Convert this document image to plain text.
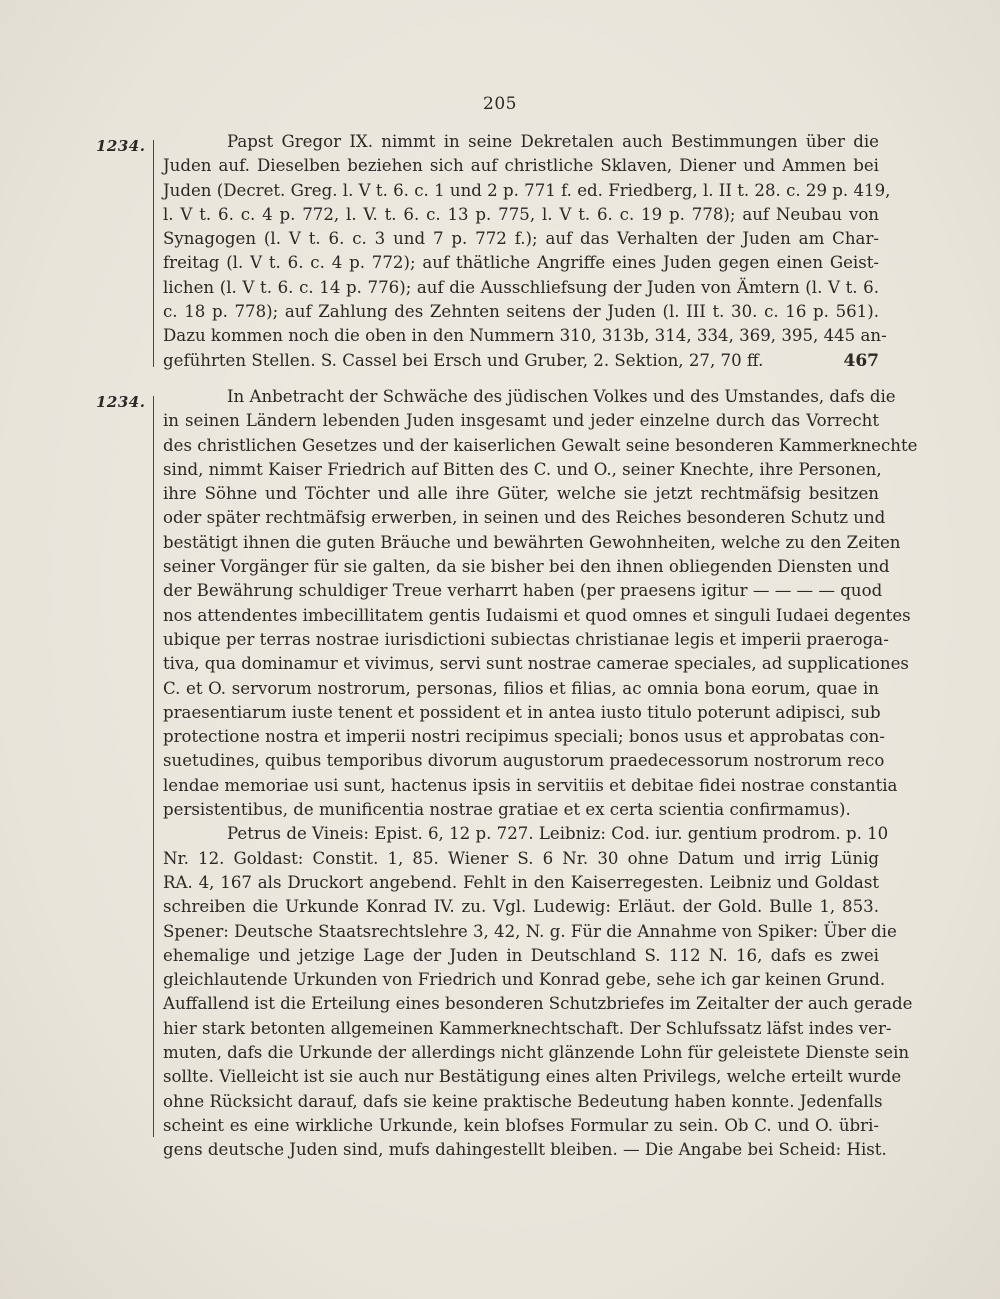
205
1234.	Papst Gregor IX. nimmt in seine Dekretalen auch Bestimmungen über die
Juden auf. Dieselben beziehen sich auf christliche Sklaven, Diener und Ammen bei
Juden (Decret. Greg. l. V t. 6. c. 1 und 2 p. 771 f. ed. Friedberg, l. II t. 28. c. 29 p. 419,
l. V t. 6. c. 4 p. 772, l. V. t. 6. c. 13 p. 775, l. V t. 6. c. 19 p. 778); auf Neubau von
Synagogen (l. V t. 6. c. 3 und 7 p. 772 f.); auf das Verhalten der Juden am Char-
freitag (l. V t. 6. c. 4 p. 772); auf thätliche Angriffe eines Juden gegen einen Geist-
lichen (l. V t. 6. c. 14 p. 776); auf die Ausschliefsung der Juden von Ämtern (l. V t. 6.
c. 18 p. 778); auf Zahlung des Zehnten seitens der Juden (l. III t. 30. c. 16 p. 561).
Dazu kommen noch die oben in den Nummern 310, 313b, 314, 334, 369, 395, 445 an-
geführten Stellen. S. Cassel bei Ersch und Gruber, 2. Sektion, 27, 70 ff.	467
1234.	In Anbetracht der Schwäche des jüdischen Volkes und des Umstandes, dafs die
in seinen Ländern lebenden Juden insgesamt und jeder einzelne durch das Vorrecht
des christlichen Gesetzes und der kaiserlichen Gewalt seine besonderen Kammerknechte
sind, nimmt Kaiser Friedrich auf Bitten des C. und O., seiner Knechte, ihre Personen,
ihre Söhne und Töchter und alle ihre Güter, welche sie jetzt rechtmäfsig besitzen
oder später rechtmäfsig erwerben, in seinen und des Reiches besonderen Schutz und
bestätigt ihnen die guten Bräuche und bewährten Gewohnheiten, welche zu den Zeiten
seiner Vorgänger für sie galten, da sie bisher bei den ihnen obliegenden Diensten und
der Bewährung schuldiger Treue verharrt haben (per praesens igitur — — — — quod
nos attendentes imbecillitatem gentis Iudaismi et quod omnes et singuli Iudaei degentes
ubique per terras nostrae iurisdictioni subiectas christianae legis et imperii praeroga-
tiva, qua dominamur et vivimus, servi sunt nostrae camerae speciales, ad supplicationes
C. et O. servorum nostrorum, personas, filios et filias, ac omnia bona eorum, quae in
praesentiarum iuste tenent et possident et in antea iusto titulo poterunt adipisci, sub
protectione nostra et imperii nostri recipimus speciali; bonos usus et approbatas con-
suetudines, quibus temporibus divorum augustorum praedecessorum nostrorum reco
lendae memoriae usi sunt, hactenus ipsis in servitiis et debitae fidei nostrae constantia
persistentibus, de munificentia nostrae gratiae et ex certa scientia confirmamus).
Petrus de Vineis: Epist. 6, 12 p. 727. Leibniz: Cod. iur. gentium prodrom. p. 10
Nr. 12. Goldast: Constit. 1, 85. Wiener S. 6 Nr. 30 ohne Datum und irrig Lünig
RA. 4, 167 als Druckort angebend. Fehlt in den Kaiserregesten. Leibniz und Goldast
schreiben die Urkunde Konrad IV. zu. Vgl. Ludewig: Erläut. der Gold. Bulle 1, 853.
Spener: Deutsche Staatsrechtslehre 3, 42, N. g. Für die Annahme von Spiker: Über die
ehemalige und jetzige Lage der Juden in Deutschland S. 112 N. 16, dafs es zwei
gleichlautende Urkunden von Friedrich und Konrad gebe, sehe ich gar keinen Grund.
Auffallend ist die Erteilung eines besonderen Schutzbriefes im Zeitalter der auch gerade
hier stark betonten allgemeinen Kammerknechtschaft. Der Schlufssatz läfst indes ver-
muten, dafs die Urkunde der allerdings nicht glänzende Lohn für geleistete Dienste sein
sollte. Vielleicht ist sie auch nur Bestätigung eines alten Privilegs, welche erteilt wurde
ohne Rücksicht darauf, dafs sie keine praktische Bedeutung haben konnte. Jedenfalls
scheint es eine wirkliche Urkunde, kein blofses Formular zu sein. Ob C. und O. übri-
gens deutsche Juden sind, mufs dahingestellt bleiben. — Die Angabe bei Scheid: Hist.
